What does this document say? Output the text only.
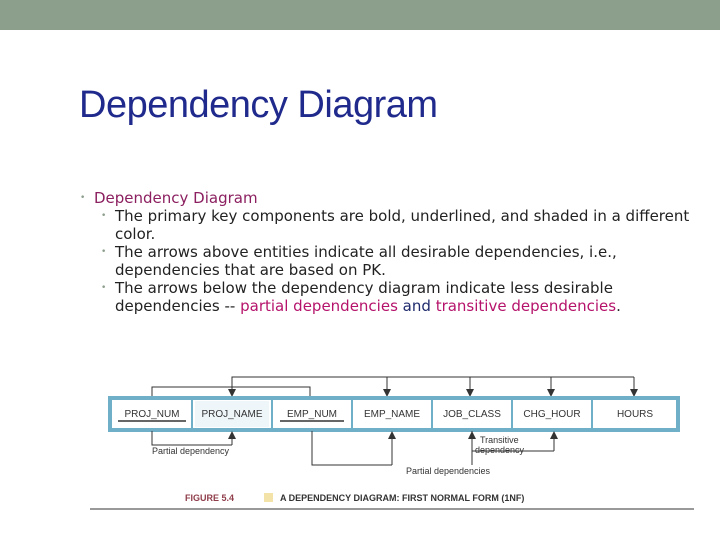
Dependency Diagram
• Dependency Diagram
• The primary key components are bold, underlined, and shaded in a different color.
• The arrows above entities indicate all desirable dependencies, i.e., dependencies that are based on PK.
• The arrows below the dependency diagram indicate less desirable dependencies -- partial dependencies and transitive dependencies.
PROJ_NUM PROJ_NAME EMP_NUM	EMP_NAME JOB_CLASS CHG_HOUR	HOURS
Partial dependency
Transitive
dependency
Partial dependencies
FIGURE 5.4	A DEPENDENCY DIAGRAM: FIRST NORMAL FORM (1NF)
